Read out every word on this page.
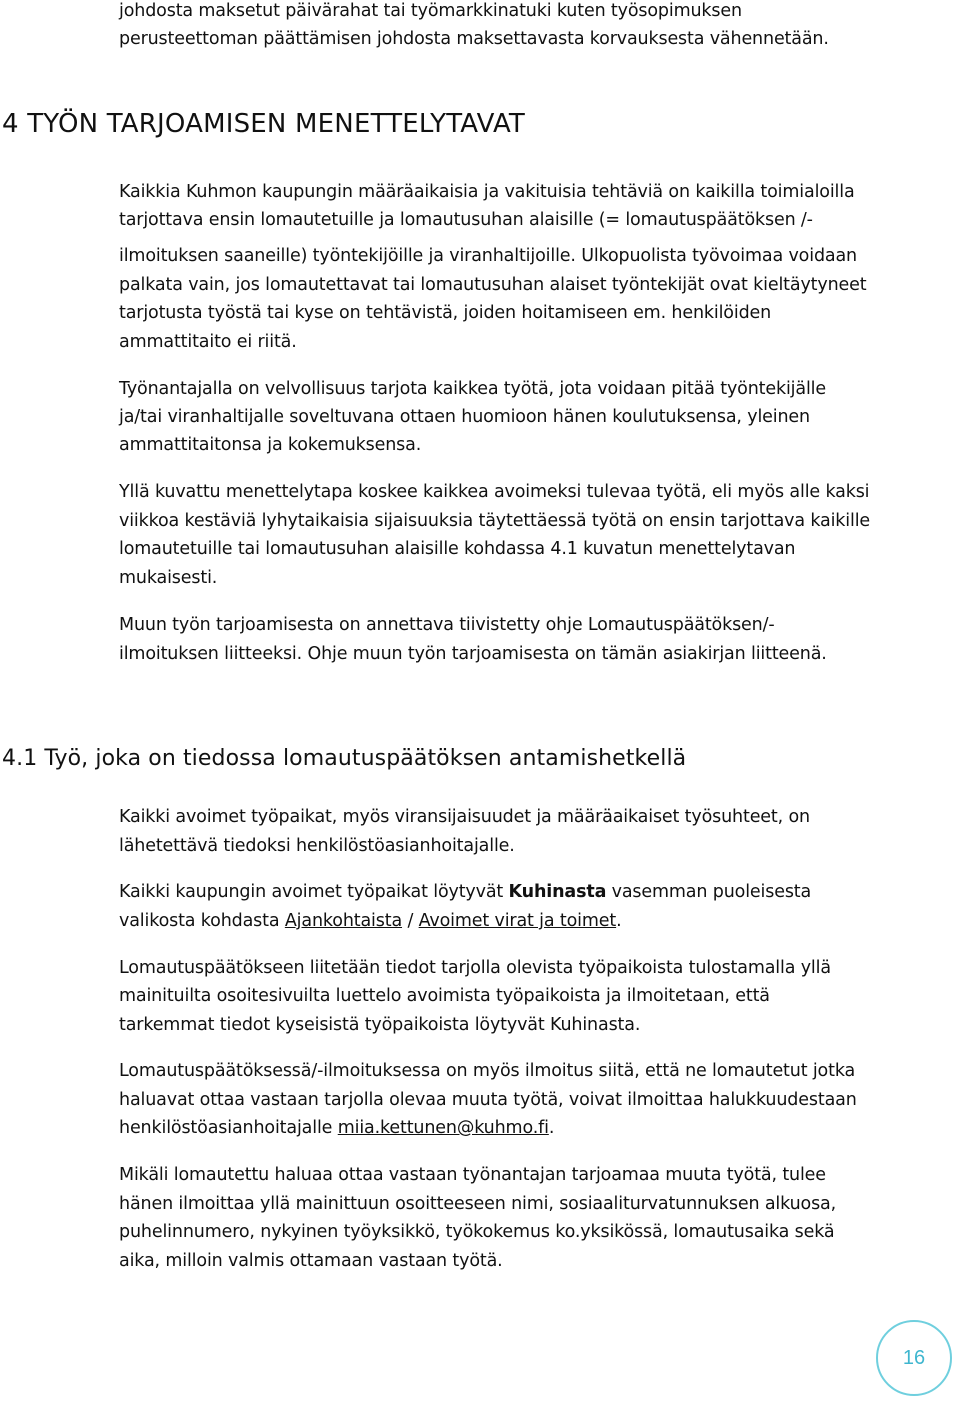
johdosta maksetut päivärahat tai työmarkkinatuki kuten työsopimuksen
perusteettoman päättämisen johdosta maksettavasta korvauksesta vähennetään.
4 TYÖN TARJOAMISEN MENETTELYTAVAT
Kaikkia Kuhmon kaupungin määräaikaisia ja vakituisia tehtäviä on kaikilla toimialoilla
tarjottava ensin lomautetuille ja lomautusuhan alaisille (= lomautuspäätöksen /-
ilmoituksen saaneille) työntekijöille ja viranhaltijoille. Ulkopuolista työvoimaa voidaan
palkata vain, jos lomautettavat tai lomautusuhan alaiset työntekijät ovat kieltäytyneet
tarjotusta työstä tai kyse on tehtävistä, joiden hoitamiseen em. henkilöiden
ammattitaito ei riitä.
Työnantajalla on velvollisuus tarjota kaikkea työtä, jota voidaan pitää työntekijälle
ja/tai viranhaltijalle soveltuvana ottaen huomioon hänen koulutuksensa, yleinen
ammattitaitonsa ja kokemuksensa.
Yllä kuvattu menettelytapa koskee kaikkea avoimeksi tulevaa työtä, eli myös alle kaksi
viikkoa kestäviä lyhytaikaisia sijaisuuksia täytettäessä työtä on ensin tarjottava kaikille
lomautetuille tai lomautusuhan alaisille kohdassa 4.1 kuvatun menettelytavan
mukaisesti.
Muun työn tarjoamisesta on annettava tiivistetty ohje Lomautuspäätöksen/-
ilmoituksen liitteeksi. Ohje muun työn tarjoamisesta on tämän asiakirjan liitteenä.
4.1 Työ, joka on tiedossa lomautuspäätöksen antamishetkellä
Kaikki avoimet työpaikat, myös viransijaisuudet ja määräaikaiset työsuhteet, on
lähetettävä tiedoksi henkilöstöasianhoitajalle.
Kaikki kaupungin avoimet työpaikat löytyvät Kuhinasta vasemman puoleisesta
valikosta kohdasta Ajankohtaista / Avoimet virat ja toimet.
Lomautuspäätökseen liitetään tiedot tarjolla olevista työpaikoista tulostamalla yllä
mainituilta osoitesivuilta luettelo avoimista työpaikoista ja ilmoitetaan, että
tarkemmat tiedot kyseisistä työpaikoista löytyvät Kuhinasta.
Lomautuspäätöksessä/-ilmoituksessa on myös ilmoitus siitä, että ne lomautetut jotka
haluavat ottaa vastaan tarjolla olevaa muuta työtä, voivat ilmoittaa halukkuudestaan
henkilöstöasianhoitajalle miia.kettunen@kuhmo.fi.
Mikäli lomautettu haluaa ottaa vastaan työnantajan tarjoamaa muuta työtä, tulee
hänen ilmoittaa yllä mainittuun osoitteeseen nimi, sosiaaliturvatunnuksen alkuosa,
puhelinnumero, nykyinen työyksikkö, työkokemus ko.yksikössä, lomautusaika sekä
aika, milloin valmis ottamaan vastaan työtä.
16
